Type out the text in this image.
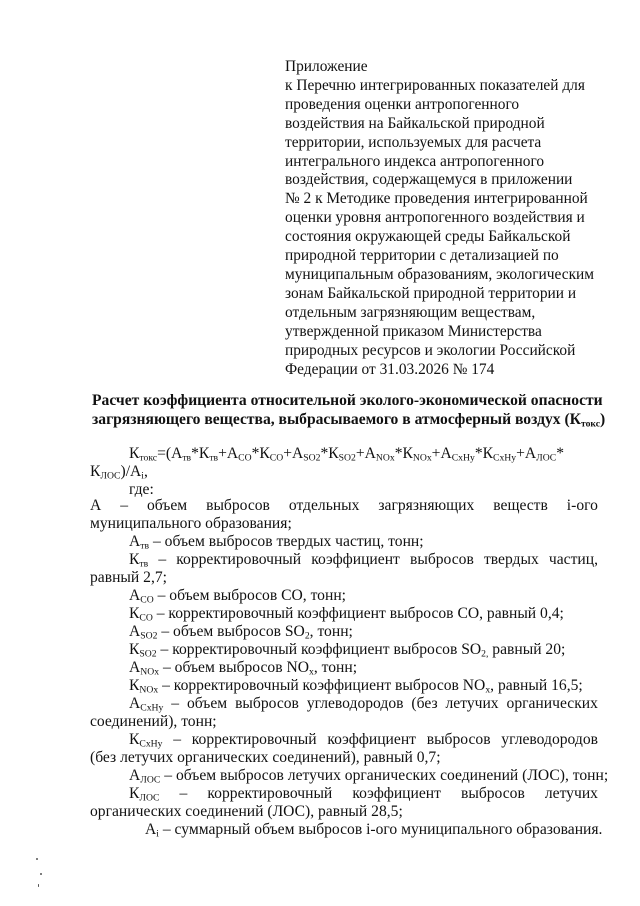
Приложение
к Перечню интегрированных показателей для
проведения оценки антропогенного
воздействия на Байкальской природной
территории, используемых для расчета
интегрального индекса антропогенного
воздействия, содержащемуся в приложении
№ 2 к Методике проведения интегрированной
оценки уровня антропогенного воздействия и
состояния окружающей среды Байкальской
природной территории с детализацией по
муниципальным образованиям, экологическим
зонам Байкальской природной территории и
отдельным загрязняющим веществам,
утвержденной приказом Министерства
природных ресурсов и экологии Российской
Федерации от 31.03.2026 № 174
Расчет коэффициента относительной эколого-экономической опасности
загрязняющего вещества, выбрасываемого в атмосферный воздух $(К_{токс})$
$К_{токс}=(А_{тв}*К_{тв}+А_{CO}*К_{CO}+А_{SO2}*К_{SO2}+А_{NOx}*К_{NOx}+А_{CxHy}*К_{CxHy}+А_{ЛОС}*$
$К_{ЛОС})/А_i$,
где:
А – объем выбросов отдельных загрязняющих веществ i-ого
муниципального образования;
$А_{тв}$ – объем выбросов твердых частиц, тонн;
$К_{тв}$ – корректировочный коэффициент выбросов твердых частиц,
равный 2,7;
$А_{CO}$ – объем выбросов СО, тонн;
$К_{CO}$ – корректировочный коэффициент выбросов СО, равный 0,4;
$А_{SO2}$ – объем выбросов $SO_2$, тонн;
$К_{SO2}$ – корректировочный коэффициент выбросов $SO_{2,}$ равный 20;
$А_{NOx}$ – объем выбросов $NO_x$, тонн;
$К_{NOx}$ – корректировочный коэффициент выбросов $NO_x$, равный 16,5;
$А_{CxHy}$ – объем выбросов углеводородов (без летучих органических
соединений), тонн;
$К_{CxHy}$ – корректировочный коэффициент выбросов углеводородов
(без летучих органических соединений), равный 0,7;
$А_{ЛОС}$ – объем выбросов летучих органических соединений (ЛОС), тонн;
$К_{ЛОС}$ – корректировочный коэффициент выбросов летучих
органических соединений (ЛОС), равный 28,5;
$А_i$ – суммарный объем выбросов i-ого муниципального образования.
